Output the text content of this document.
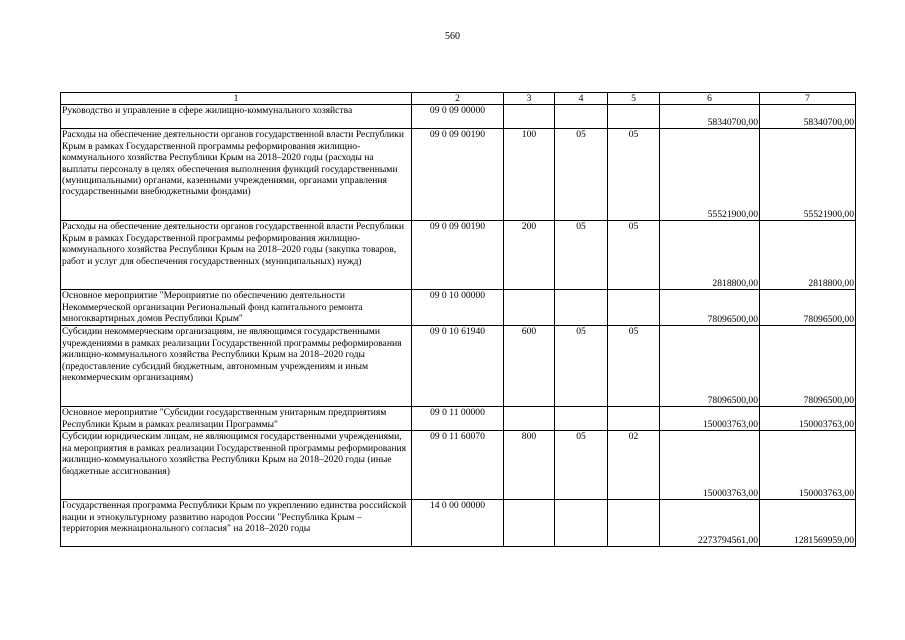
560
1	2	3	4	5	6	7
Руководство и управление в сфере жилищно-коммунального хозяйства	09 0 09 00000				58340700,00	58340700,00
Расходы на обеспечение деятельности органов государственной власти Республики Крым в рамках Государственной программы реформирования жилищно-коммунального хозяйства Республики Крым на 2018–2020 годы (расходы на выплаты персоналу в целях обеспечения выполнения функций государственными (муниципальными) органами, казенными учреждениями, органами управления государственными внебюджетными фондами)	09 0 09 00190	100	05	05	55521900,00	55521900,00
Расходы на обеспечение деятельности органов государственной власти Республики Крым в рамках Государственной программы реформирования жилищно-коммунального хозяйства Республики Крым на 2018–2020 годы (закупка товаров, работ и услуг для обеспечения государственных (муниципальных) нужд)	09 0 09 00190	200	05	05	2818800,00	2818800,00
Основное мероприятие "Мероприятие по обеспечению деятельности Некоммерческой организации Региональный фонд капитального ремонта многоквартирных домов Республики Крым"	09 0 10 00000				78096500,00	78096500,00
Субсидии некоммерческим организациям, не являющимся государственными учреждениями в рамках реализации Государственной программы реформирования жилищно-коммунального хозяйства Республики Крым на 2018–2020 годы (предоставление субсидий бюджетным, автономным учреждениям и иным некоммерческим организациям)	09 0 10 61940	600	05	05	78096500,00	78096500,00
Основное мероприятие "Субсидии государственным унитарным предприятиям Республики Крым в рамках реализации Программы"	09 0 11 00000				150003763,00	150003763,00
Субсидии юридическим лицам, не являющимся государственными учреждениями, на мероприятия в рамках реализации Государственной программы реформирования жилищно-коммунального хозяйства Республики Крым на 2018–2020 годы (иные бюджетные ассигнования)	09 0 11 60070	800	05	02	150003763,00	150003763,00
Государственная программа Республики Крым по укреплению единства российской нации и этнокультурному развитию народов России "Республика Крым – территория межнационального согласия" на 2018–2020 годы	14 0 00 00000				2273794561,00	1281569959,00
